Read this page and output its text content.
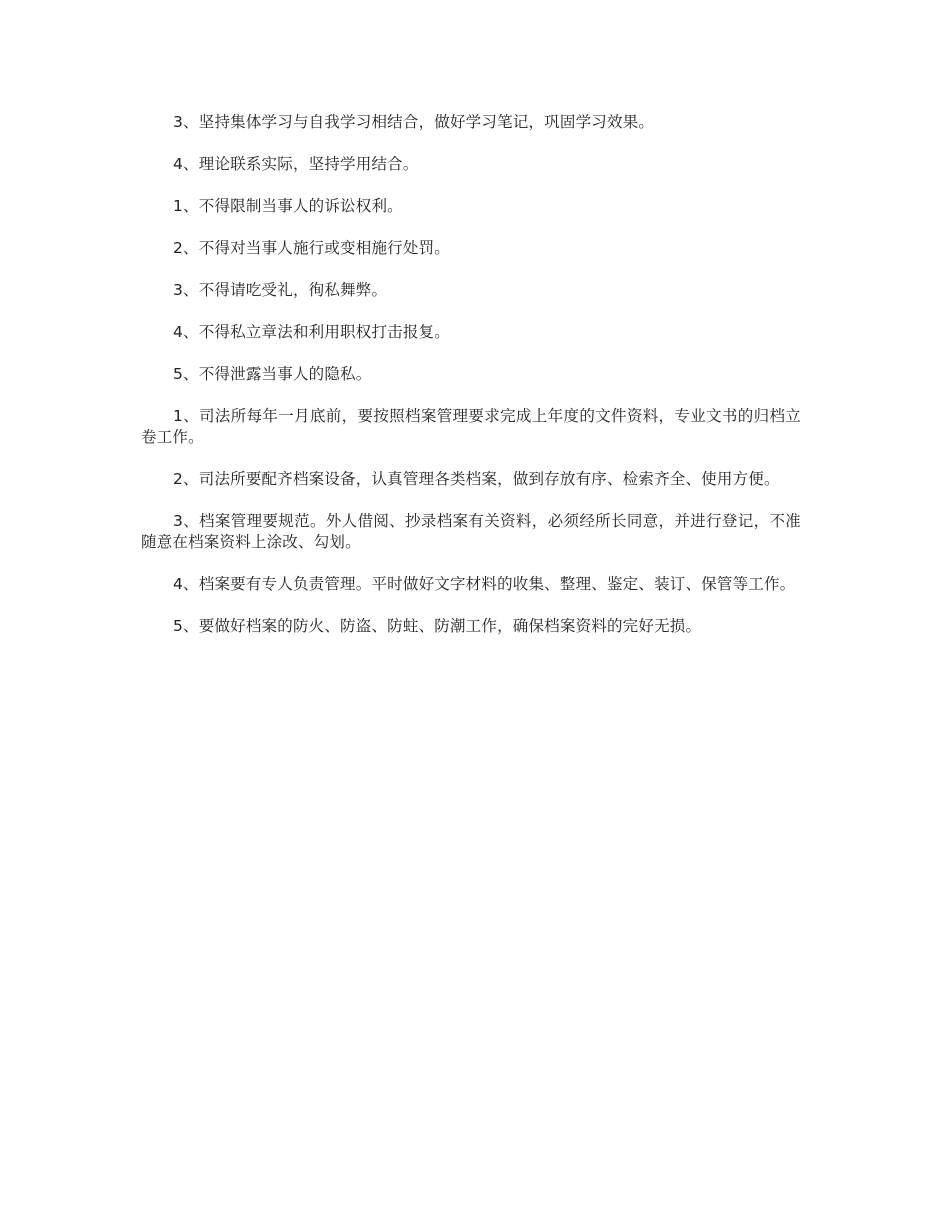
3、坚持集体学习与自我学习相结合，做好学习笔记，巩固学习效果。

4、理论联系实际，坚持学用结合。

1、不得限制当事人的诉讼权利。

2、不得对当事人施行或变相施行处罚。

3、不得请吃受礼，徇私舞弊。

4、不得私立章法和利用职权打击报复。

5、不得泄露当事人的隐私。

1、司法所每年一月底前，要按照档案管理要求完成上年度的文件资料，专业文书的归档立卷工作。

2、司法所要配齐档案设备，认真管理各类档案，做到存放有序、检索齐全、使用方便。

3、档案管理要规范。外人借阅、抄录档案有关资料，必须经所长同意，并进行登记，不准随意在档案资料上涂改、勾划。

4、档案要有专人负责管理。平时做好文字材料的收集、整理、鉴定、装订、保管等工作。

5、要做好档案的防火、防盗、防蛀、防潮工作，确保档案资料的完好无损。
